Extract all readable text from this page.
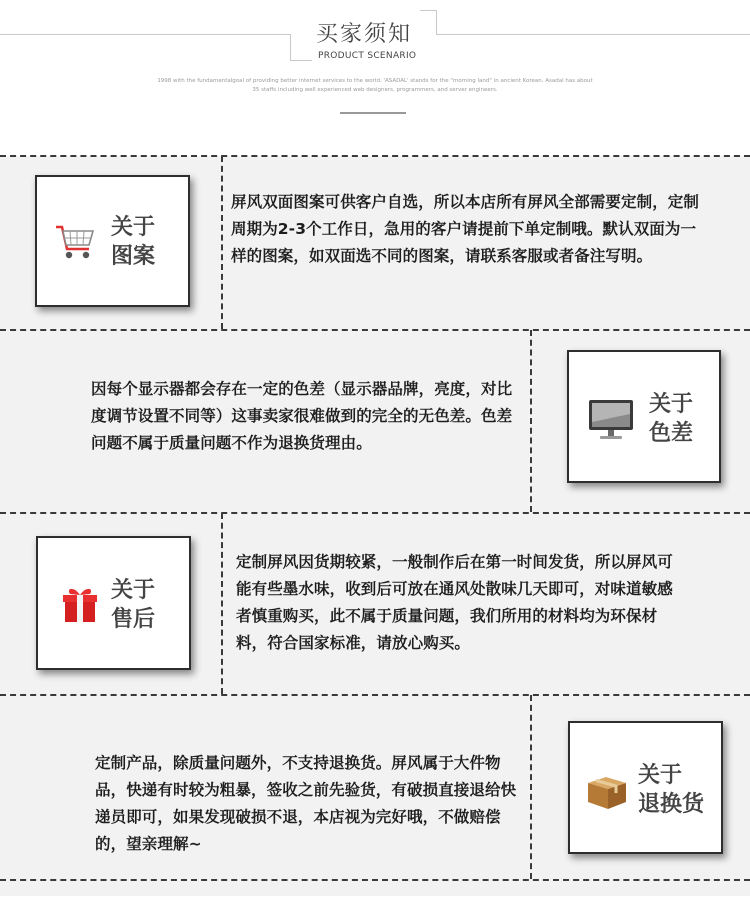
买家须知
PRODUCT SCENARIO
1998 with the fundamentalgoal of providing better internet services to the world. 'ASADAL' stands for the "morning land" in ancient Korean. Asadal has about
35 staffs including well experienced web designers, programmers, and server engineers.
关于
图案
屏风双面图案可供客户自选，所以本店所有屏风全部需要定制，定制周期为2-3个工作日，急用的客户请提前下单定制哦。默认双面为一样的图案，如双面选不同的图案，请联系客服或者备注写明。
因每个显示器都会存在一定的色差（显示器品牌，亮度，对比度调节设置不同等）这事卖家很难做到的完全的无色差。色差问题不属于质量问题不作为退换货理由。
关于
色差
关于
售后
定制屏风因货期较紧，一般制作后在第一时间发货，所以屏风可能有些墨水味，收到后可放在通风处散味几天即可，对味道敏感者慎重购买，此不属于质量问题，我们所用的材料均为环保材料，符合国家标准，请放心购买。
定制产品，除质量问题外，不支持退换货。屏风属于大件物品，快递有时较为粗暴，签收之前先验货，有破损直接退给快递员即可，如果发现破损不退，本店视为完好哦，不做赔偿的，望亲理解~
关于
退换货
